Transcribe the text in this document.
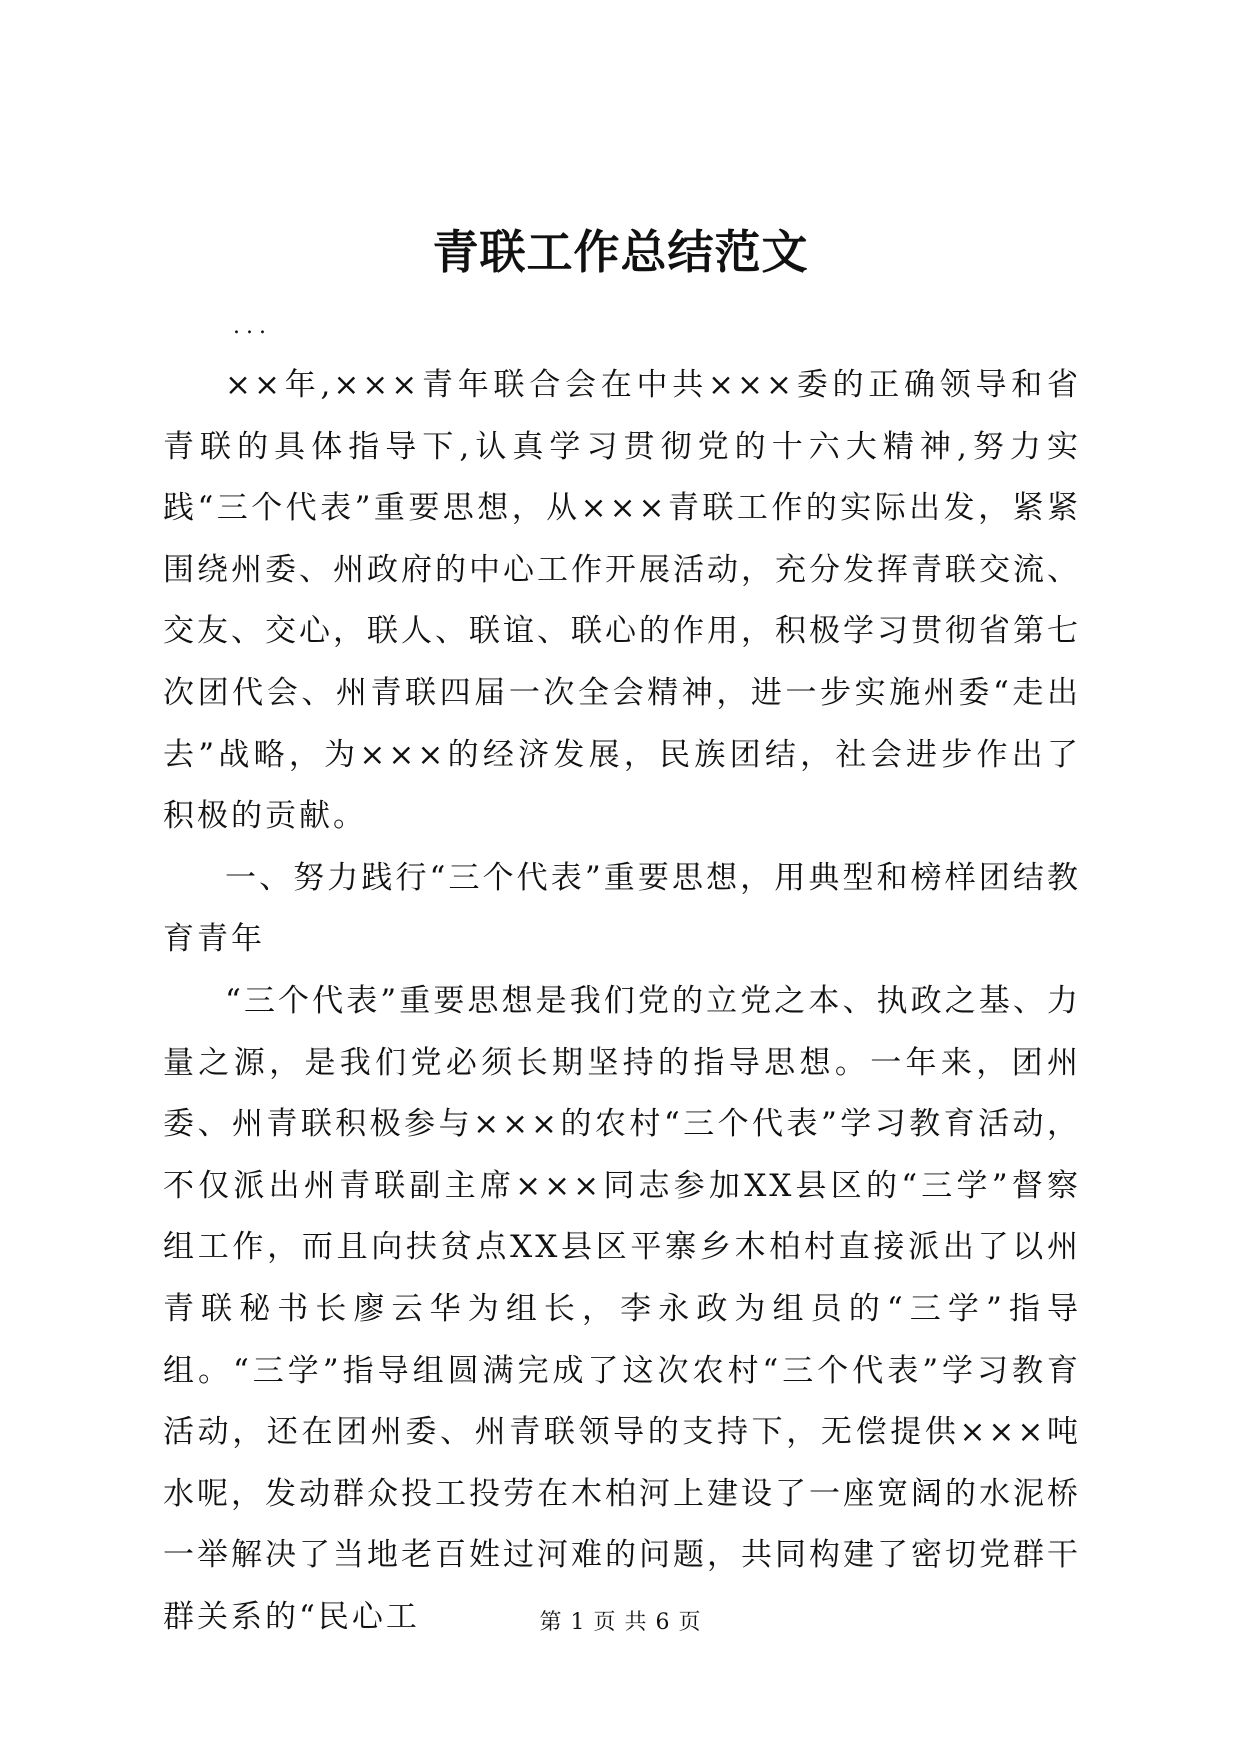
青联工作总结范文
...

××年,×××青年联合会在中共×××委的正确领导和省青联的具体指导下,认真学习贯彻党的十六大精神,努力实践“三个代表”重要思想，从×××青联工作的实际出发，紧紧围绕州委、州政府的中心工作开展活动，充分发挥青联交流、交友、交心，联人、联谊、联心的作用，积极学习贯彻省第七次团代会、州青联四届一次全会精神，进一步实施州委“走出去”战略，为×××的经济发展，民族团结，社会进步作出了积极的贡献。

一、努力践行“三个代表”重要思想，用典型和榜样团结教育青年

“三个代表”重要思想是我们党的立党之本、执政之基、力量之源，是我们党必须长期坚持的指导思想。一年来，团州委、州青联积极参与×××的农村“三个代表”学习教育活动，不仅派出州青联副主席×××同志参加XX县区的“三学”督察组工作，而且向扶贫点XX县区平寨乡木柏村直接派出了以州青联秘书长廖云华为组长，李永政为组员的“三学”指导组。“三学”指导组圆满完成了这次农村“三个代表”学习教育活动，还在团州委、州青联领导的支持下，无偿提供×××吨水呢，发动群众投工投劳在木柏河上建设了一座宽阔的水泥桥一举解决了当地老百姓过河难的问题，共同构建了密切党群干群关系的“民心工	第 1 页 共 6 页
